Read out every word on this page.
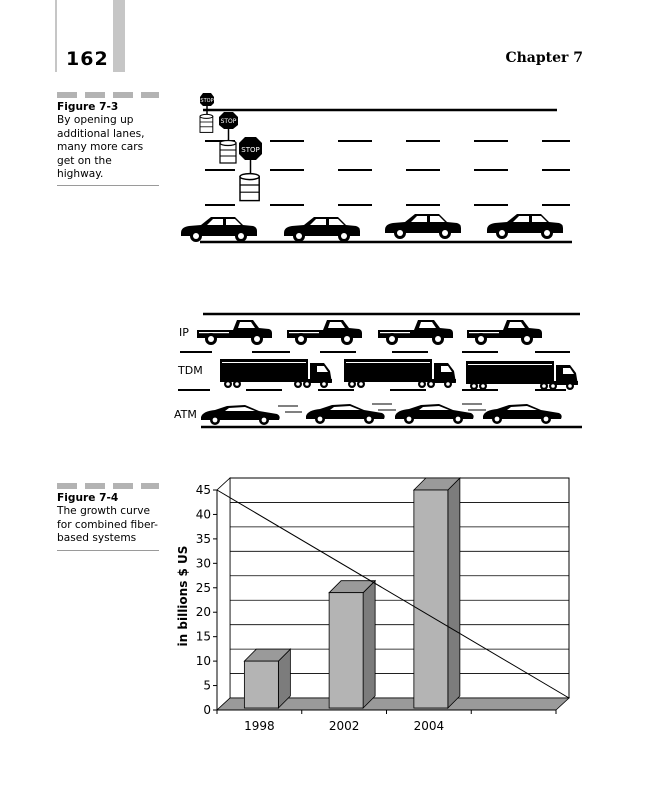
162	Chapter 7
Figure 7-3
By opening up additional lanes, many more cars get on the highway.
Figure 7-4
The growth curve for combined fiber-based systems
STOP
STOP
STOP
IP
TDM
ATM
0
5
10
15
20
25
30
35
40
45
1998	2002	2004
in billions $ US
